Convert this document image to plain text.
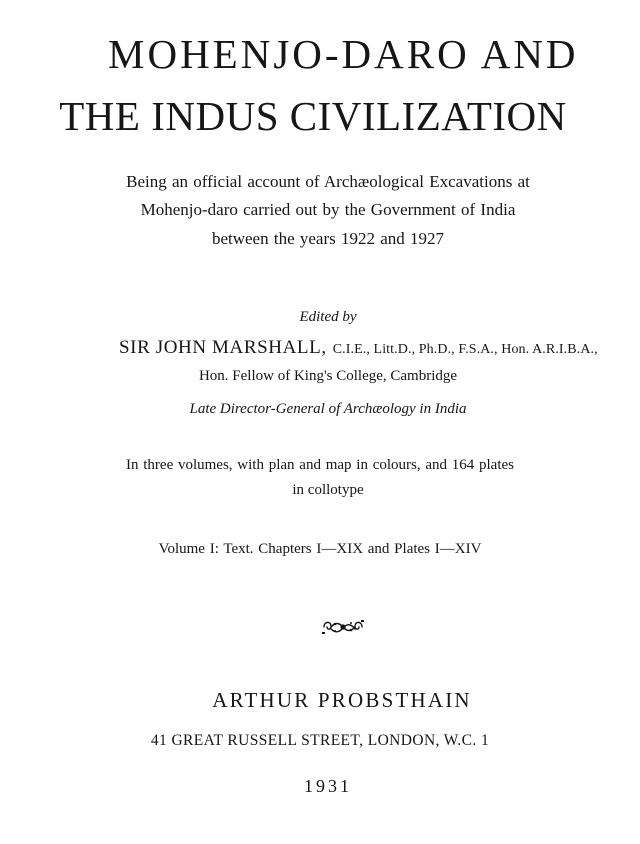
MOHENJO-DARO AND
THE INDUS CIVILIZATION
Being an official account of Archæological Excavations at
Mohenjo-daro carried out by the Government of India
between the years 1922 and 1927
Edited by
SIR JOHN MARSHALL, C.I.E., Litt.D., Ph.D., F.S.A., Hon. A.R.I.B.A.,
Hon. Fellow of King's College, Cambridge
Late Director-General of Archæology in India
In three volumes, with plan and map in colours, and 164 plates
in collotype
Volume I: Text. Chapters I—XIX and Plates I—XIV
ARTHUR PROBSTHAIN
41 GREAT RUSSELL STREET, LONDON, W.C. 1
1931
